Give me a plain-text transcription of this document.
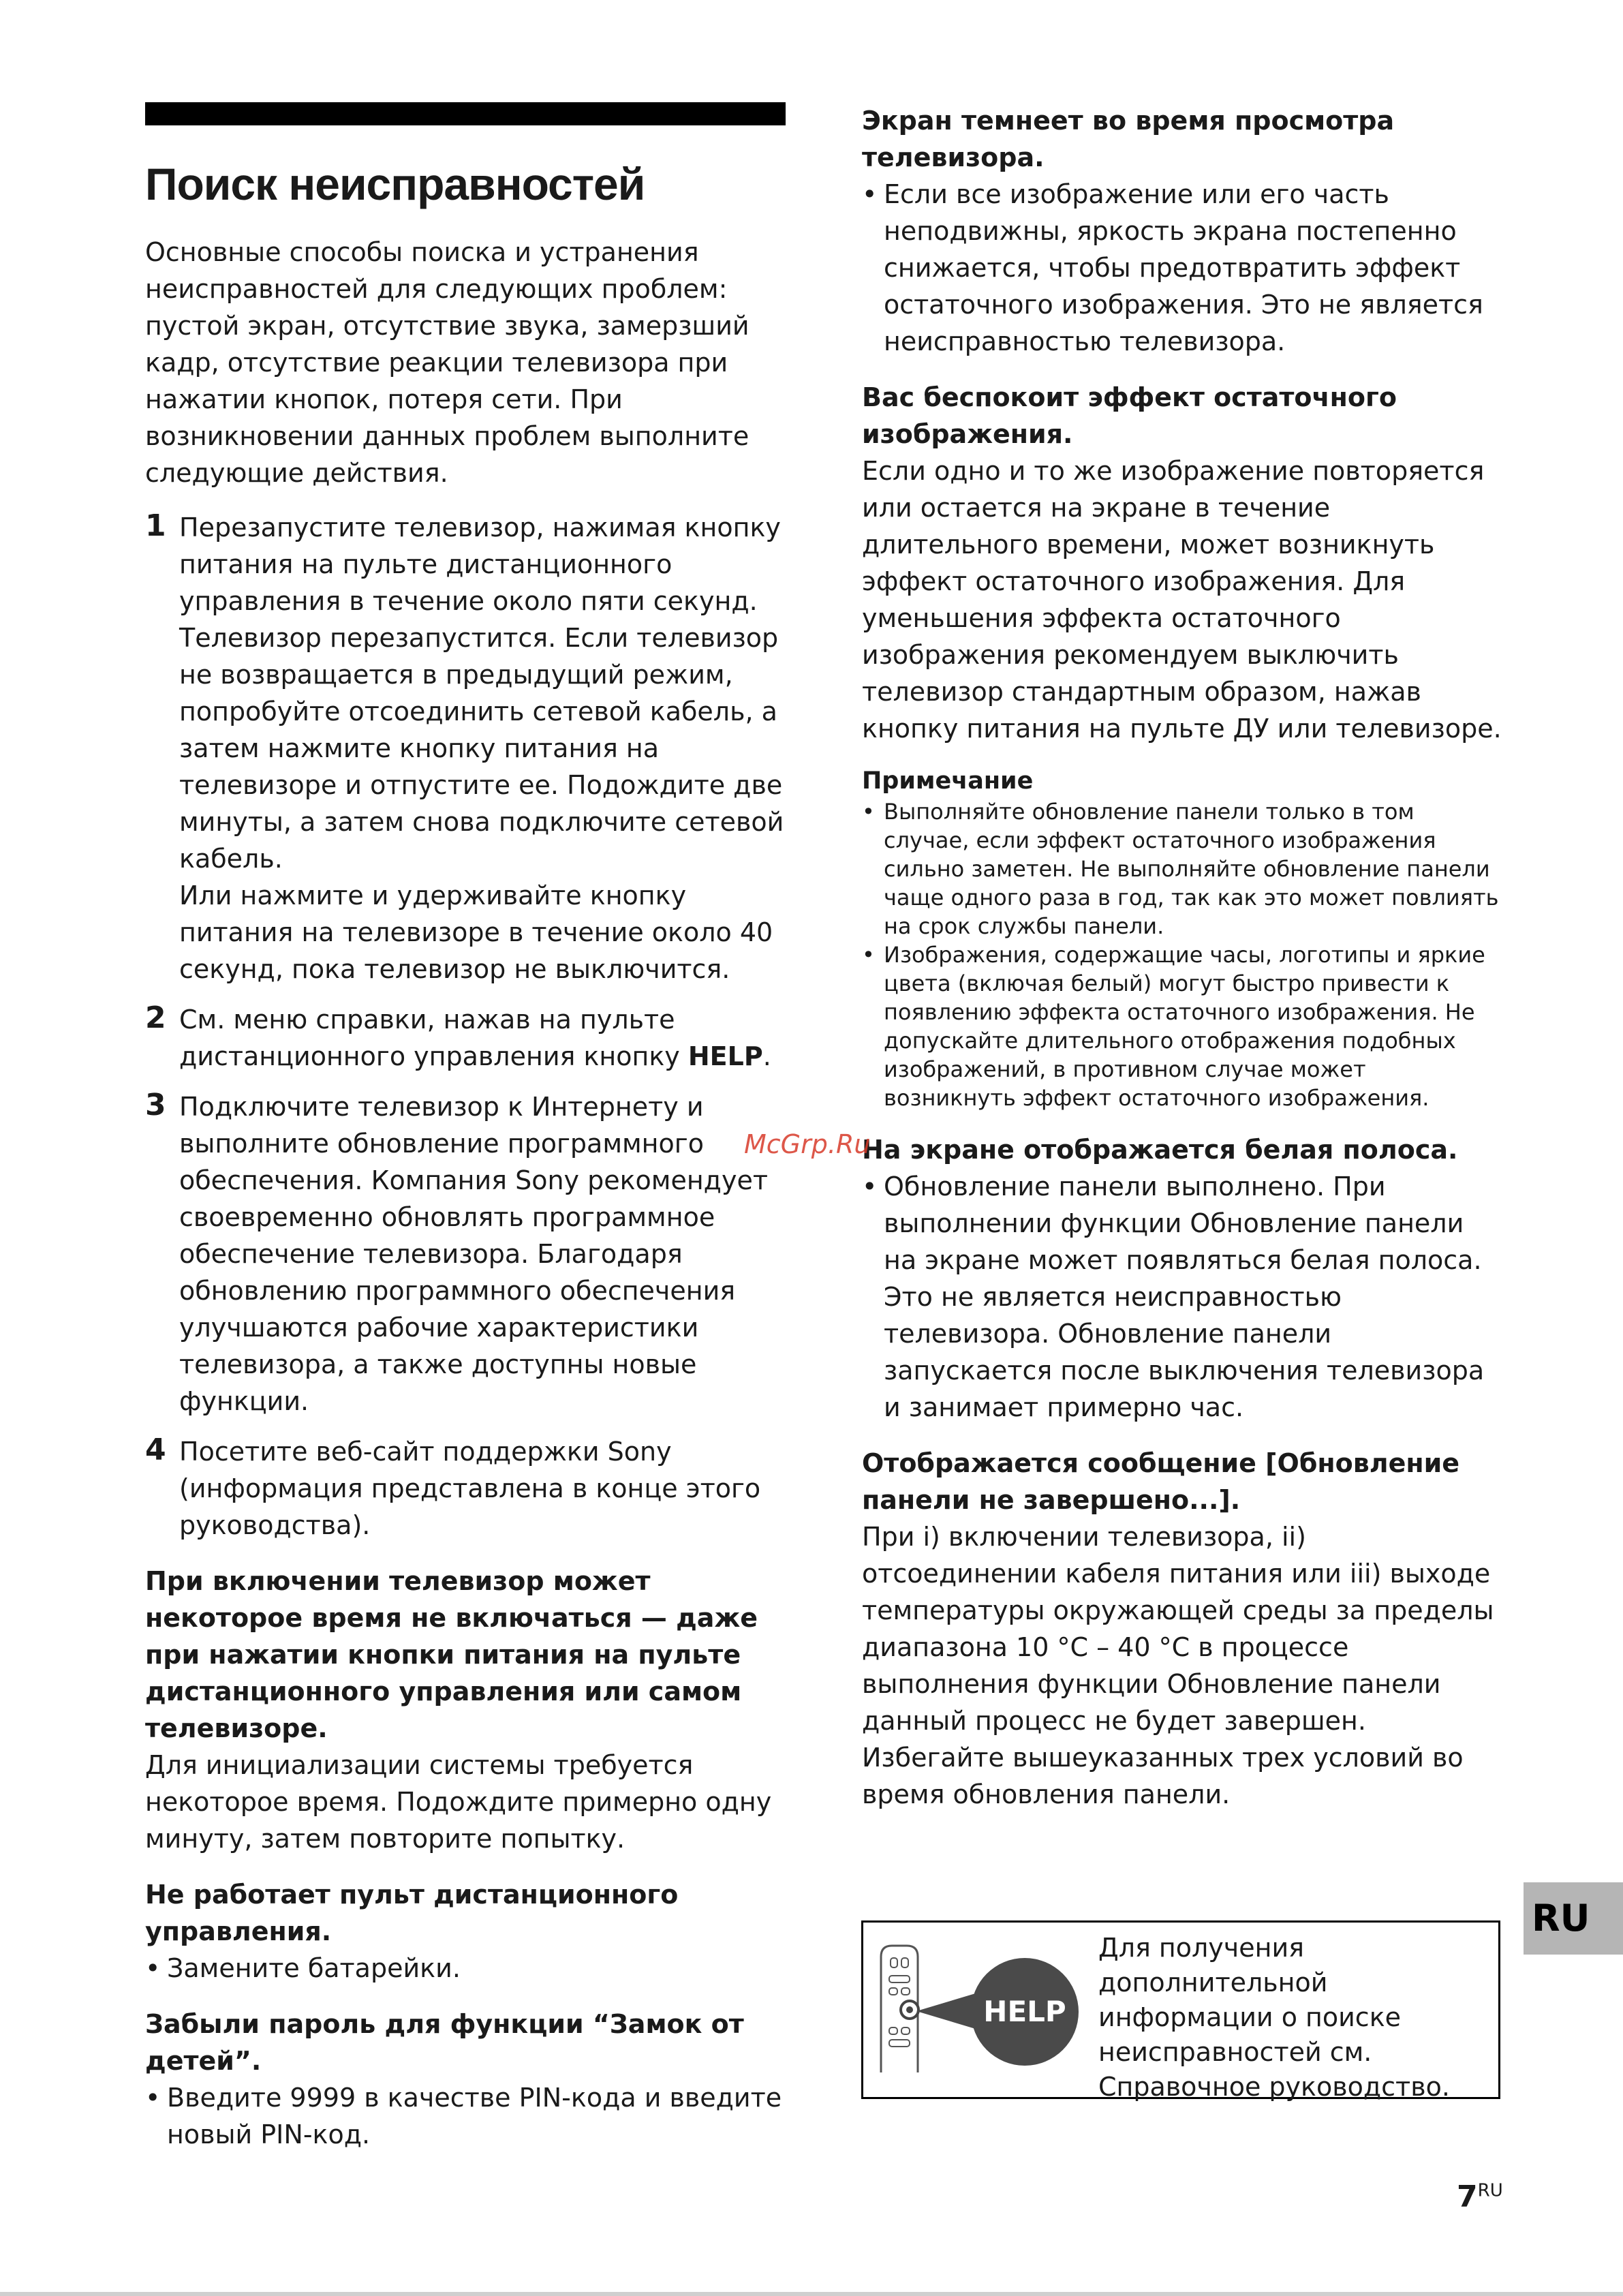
Поиск неисправностей

Основные способы поиска и устранения неисправностей для следующих проблем: пустой экран, отсутствие звука, замерзший кадр, отсутствие реакции телевизора при нажатии кнопок, потеря сети. При возникновении данных проблем выполните следующие действия.

1 Перезапустите телевизор, нажимая кнопку питания на пульте дистанционного управления в течение около пяти секунд. Телевизор перезапустится. Если телевизор не возвращается в предыдущий режим, попробуйте отсоединить сетевой кабель, а затем нажмите кнопку питания на телевизоре и отпустите ее. Подождите две минуты, а затем снова подключите сетевой кабель.

Или нажмите и удерживайте кнопку питания на телевизоре в течение около 40 секунд, пока телевизор не выключится.

2 См. меню справки, нажав на пульте дистанционного управления кнопку HELP.

3 Подключите телевизор к Интернету и выполните обновление программного обеспечения. Компания Sony рекомендует своевременно обновлять программное обеспечение телевизора. Благодаря обновлению программного обеспечения улучшаются рабочие характеристики телевизора, а также доступны новые функции.

4 Посетите веб-сайт поддержки Sony (информация представлена в конце этого руководства).

При включении телевизор может некоторое время не включаться — даже при нажатии кнопки питания на пульте дистанционного управления или самом телевизоре.

Для инициализации системы требуется некоторое время. Подождите примерно одну минуту, затем повторите попытку.

Не работает пульт дистанционного управления.
• Замените батарейки.
Забыли пароль для функции “Замок от детей”.
• Введите 9999 в качестве PIN-кода и введите новый PIN-код.
Экран темнеет во время просмотра телевизора.
• Если все изображение или его часть неподвижны, яркость экрана постепенно снижается, чтобы предотвратить эффект остаточного изображения. Это не является неисправностью телевизора.
Вас беспокоит эффект остаточного изображения.

Если одно и то же изображение повторяется или остается на экране в течение длительного времени, может возникнуть эффект остаточного изображения. Для уменьшения эффекта остаточного изображения рекомендуем выключить телевизор стандартным образом, нажав кнопку питания на пульте ДУ или телевизоре.

Примечание
• Выполняйте обновление панели только в том случае, если эффект остаточного изображения сильно заметен. Не выполняйте обновление панели чаще одного раза в год, так как это может повлиять на срок службы панели.
• Изображения, содержащие часы, логотипы и яркие цвета (включая белый) могут быстро привести к появлению эффекта остаточного изображения. Не допускайте длительного отображения подобных изображений, в противном случае может возникнуть эффект остаточного изображения.
На экране отображается белая полоса.
• Обновление панели выполнено. При выполнении функции Обновление панели на экране может появляться белая полоса. Это не является неисправностью телевизора. Обновление панели запускается после выключения телевизора и занимает примерно час.
Отображается сообщение [Обновление панели не завершено...].

При i) включении телевизора, ii) отсоединении кабеля питания или iii) выходе температуры окружающей среды за пределы диапазона 10 °C – 40 °C в процессе выполнения функции Обновление панели данный процесс не будет завершен. Избегайте вышеуказанных трех условий во время обновления панели.

HELP

Для получения дополнительной информации о поиске неисправностей см. Справочное руководство.

RU
$7^{RU}$
McGrp.Ru
